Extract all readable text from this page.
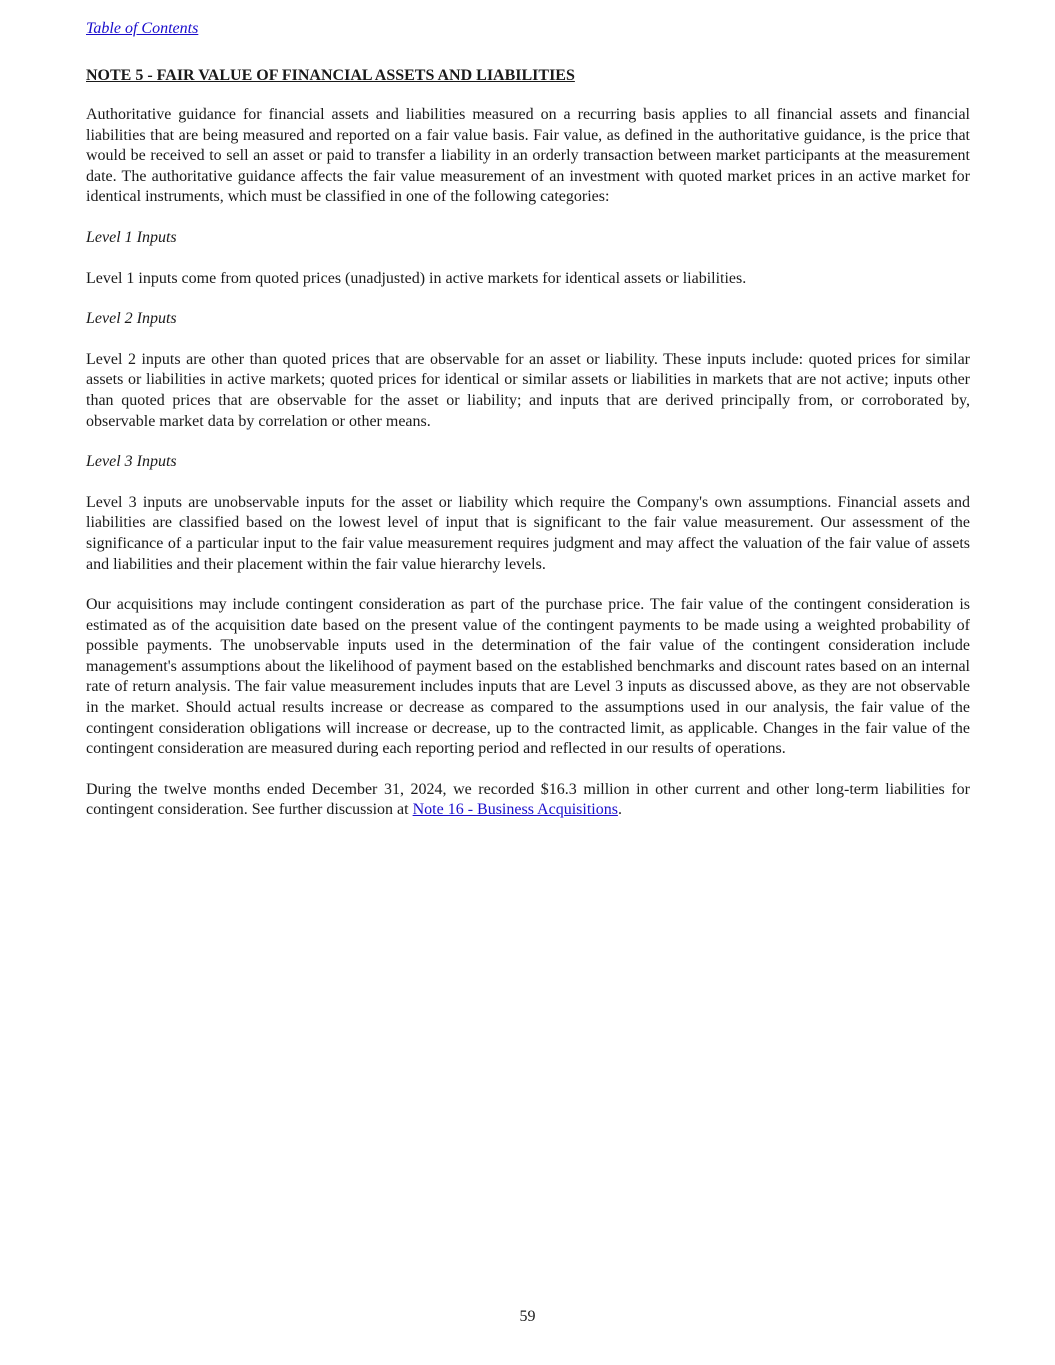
Table of Contents
NOTE 5 - FAIR VALUE OF FINANCIAL ASSETS AND LIABILITIES

Authoritative guidance for financial assets and liabilities measured on a recurring basis applies to all financial assets and financial liabilities that are being measured and reported on a fair value basis. Fair value, as defined in the authoritative guidance, is the price that would be received to sell an asset or paid to transfer a liability in an orderly transaction between market participants at the measurement date. The authoritative guidance affects the fair value measurement of an investment with quoted market prices in an active market for identical instruments, which must be classified in one of the following categories:

Level 1 Inputs

Level 1 inputs come from quoted prices (unadjusted) in active markets for identical assets or liabilities.

Level 2 Inputs

Level 2 inputs are other than quoted prices that are observable for an asset or liability. These inputs include: quoted prices for similar assets or liabilities in active markets; quoted prices for identical or similar assets or liabilities in markets that are not active; inputs other than quoted prices that are observable for the asset or liability; and inputs that are derived principally from, or corroborated by, observable market data by correlation or other means.

Level 3 Inputs

Level 3 inputs are unobservable inputs for the asset or liability which require the Company's own assumptions. Financial assets and liabilities are classified based on the lowest level of input that is significant to the fair value measurement. Our assessment of the significance of a particular input to the fair value measurement requires judgment and may affect the valuation of the fair value of assets and liabilities and their placement within the fair value hierarchy levels.

Our acquisitions may include contingent consideration as part of the purchase price. The fair value of the contingent consideration is estimated as of the acquisition date based on the present value of the contingent payments to be made using a weighted probability of possible payments. The unobservable inputs used in the determination of the fair value of the contingent consideration include management's assumptions about the likelihood of payment based on the established benchmarks and discount rates based on an internal rate of return analysis. The fair value measurement includes inputs that are Level 3 inputs as discussed above, as they are not observable in the market. Should actual results increase or decrease as compared to the assumptions used in our analysis, the fair value of the contingent consideration obligations will increase or decrease, up to the contracted limit, as applicable. Changes in the fair value of the contingent consideration are measured during each reporting period and reflected in our results of operations.

During the twelve months ended December 31, 2024, we recorded $16.3 million in other current and other long-term liabilities for contingent consideration. See further discussion at Note 16 - Business Acquisitions.

59
